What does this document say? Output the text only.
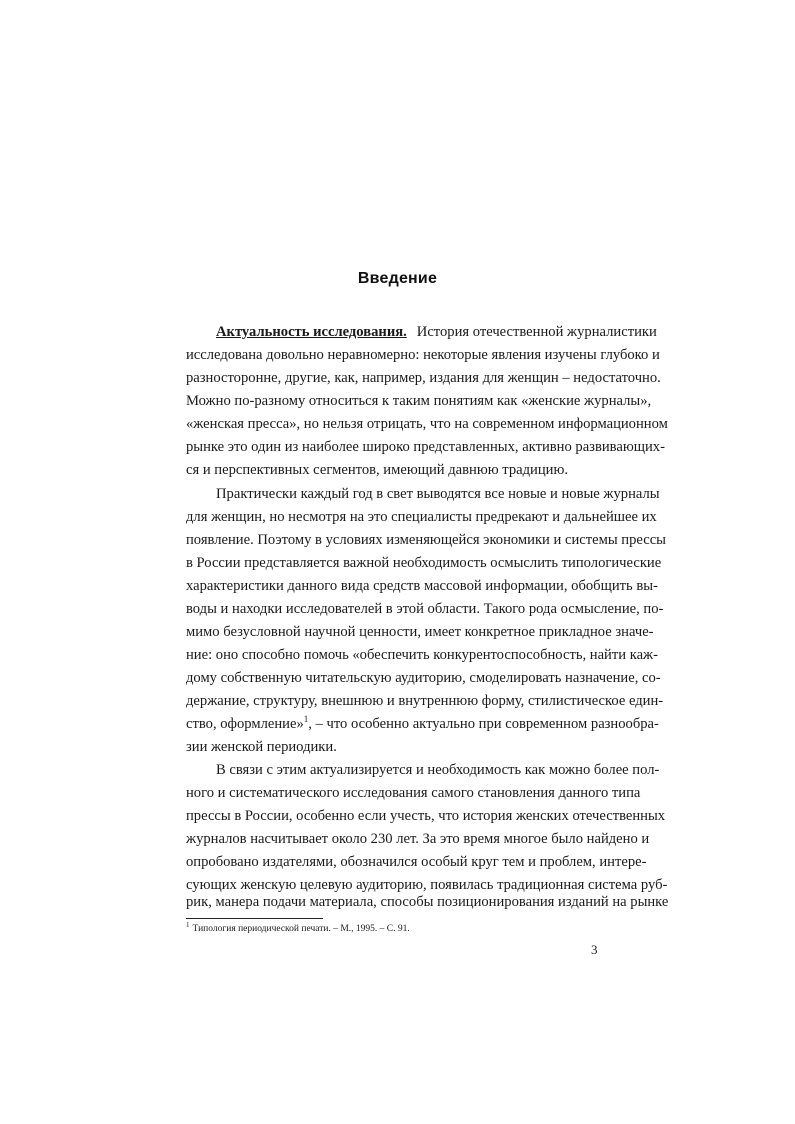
Введение
Актуальность исследования. История отечественной журналистики
исследована довольно неравномерно: некоторые явления изучены глубоко и
разносторонне, другие, как, например, издания для женщин – недостаточно.
Можно по-разному относиться к таким понятиям как «женские журналы»,
«женская пресса», но нельзя отрицать, что на современном информационном
рынке это один из наиболее широко представленных, активно развивающих-
ся и перспективных сегментов, имеющий давнюю традицию.
Практически каждый год в свет выводятся все новые и новые журналы
для женщин, но несмотря на это специалисты предрекают и дальнейшее их
появление. Поэтому в условиях изменяющейся экономики и системы прессы
в России представляется важной необходимость осмыслить типологические
характеристики данного вида средств массовой информации, обобщить вы-
воды и находки исследователей в этой области. Такого рода осмысление, по-
мимо безусловной научной ценности, имеет конкретное прикладное значе-
ние: оно способно помочь «обеспечить конкурентоспособность, найти каж-
дому собственную читательскую аудиторию, смоделировать назначение, со-
держание, структуру, внешнюю и внутреннюю форму, стилистическое един-
ство, оформление»$^1$, – что особенно актуально при современном разнообра-
зии женской периодики.
В связи с этим актуализируется и необходимость как можно более пол-
ного и систематического исследования самого становления данного типа
прессы в России, особенно если учесть, что история женских отечественных
журналов насчитывает около 230 лет. За это время многое было найдено и
опробовано издателями, обозначился особый круг тем и проблем, интере-
сующих женскую целевую аудиторию, появилась традиционная система руб-
рик, манера подачи материала, способы позиционирования изданий на рынке
$^1$ Типология периодической печати. – М., 1995. – С. 91.
3
